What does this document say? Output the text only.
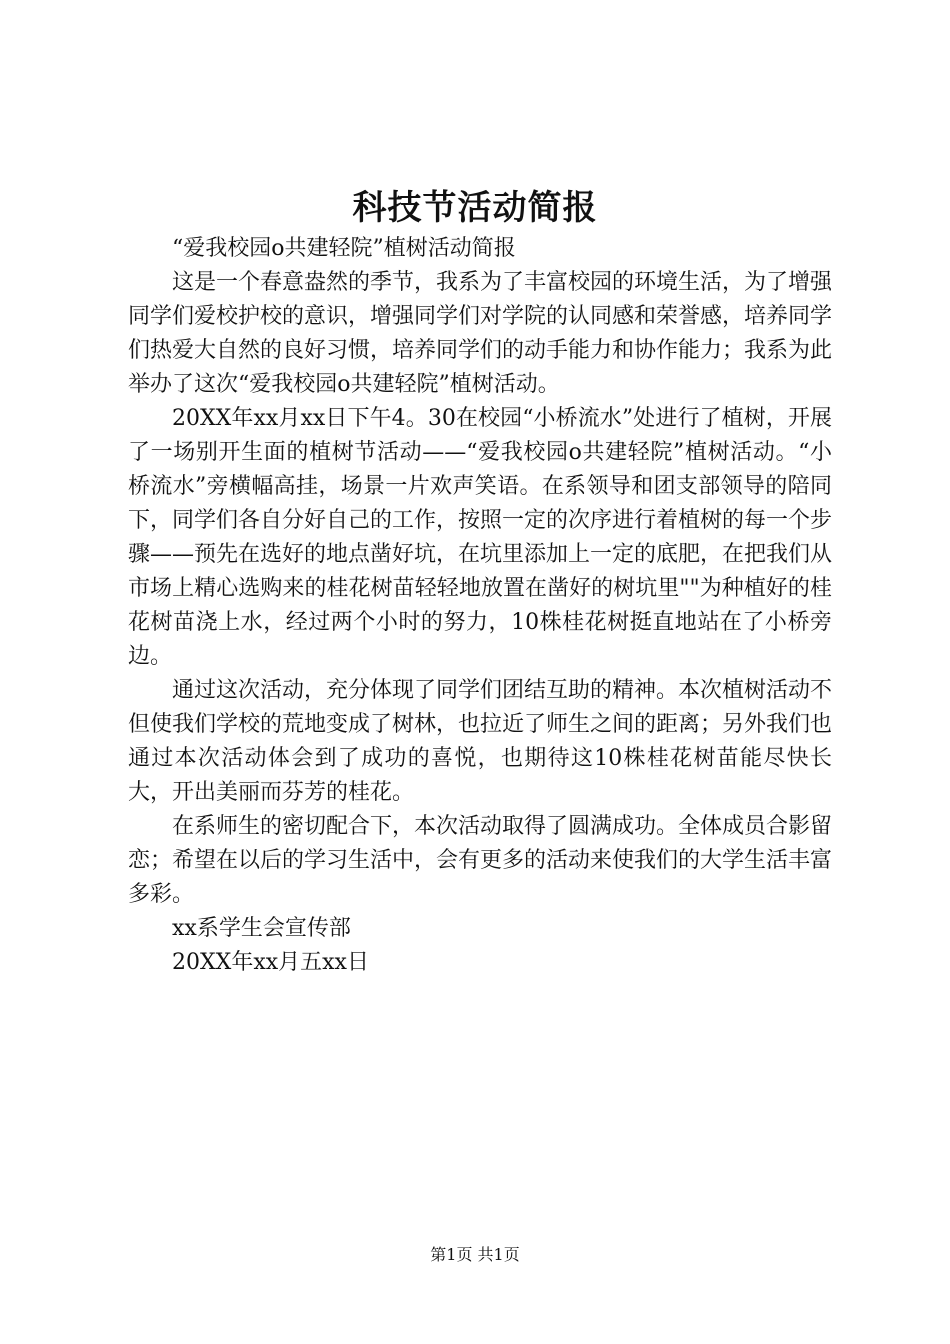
科技节活动简报

“爱我校园o共建轻院”植树活动简报

这是一个春意盎然的季节，我系为了丰富校园的环境生活，为了增强同学们爱校护校的意识，增强同学们对学院的认同感和荣誉感，培养同学们热爱大自然的良好习惯，培养同学们的动手能力和协作能力；我系为此举办了这次“爱我校园o共建轻院”植树活动。

20XX年xx月xx日下午4。30在校园“小桥流水”处进行了植树，开展了一场别开生面的植树节活动——“爱我校园o共建轻院”植树活动。“小桥流水”旁横幅高挂，场景一片欢声笑语。在系领导和团支部领导的陪同下，同学们各自分好自己的工作，按照一定的次序进行着植树的每一个步骤——预先在选好的地点凿好坑，在坑里添加上一定的底肥，在把我们从市场上精心选购来的桂花树苗轻轻地放置在凿好的树坑里""为种植好的桂花树苗浇上水，经过两个小时的努力，10株桂花树挺直地站在了小桥旁边。

通过这次活动，充分体现了同学们团结互助的精神。本次植树活动不但使我们学校的荒地变成了树林，也拉近了师生之间的距离；另外我们也通过本次活动体会到了成功的喜悦，也期待这10株桂花树苗能尽快长大，开出美丽而芬芳的桂花。

在系师生的密切配合下，本次活动取得了圆满成功。全体成员合影留恋；希望在以后的学习生活中，会有更多的活动来使我们的大学生活丰富多彩。

xx系学生会宣传部

20XX年xx月五xx日

第1页 共1页
